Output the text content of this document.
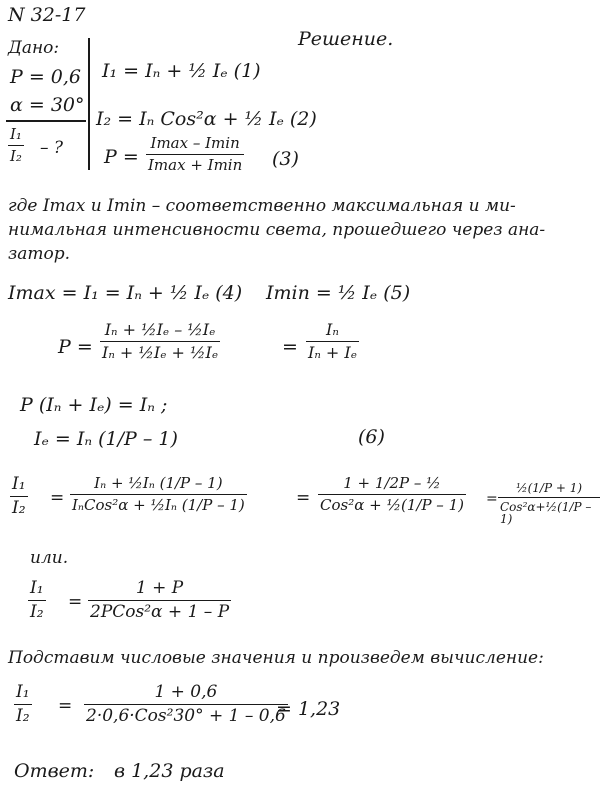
N 32-17
Решение.
Дано:
P = 0,6
α = 30°
I₁
I₂ – ?
I₁ = Iₙ + ½ Iₑ (1)
I₂ = Iₙ Cos²α + ½ Iₑ (2)
P =
Imax – Imin
Imax + Imin (3)
где Imax и Imin – соответственно максимальная и ми-
нимальная интенсивности света, прошедшего через ана-
затор.
Imax = I₁ = Iₙ + ½ Iₑ (4) Imin = ½ Iₑ (5)
P =
Iₙ + ½Iₑ – ½Iₑ
Iₙ + ½Iₑ + ½Iₑ	=
Iₙ
Iₙ + Iₑ
P (Iₙ + Iₑ) = Iₙ ;
Iₑ = Iₙ (1/P – 1)	(6)
I₁
I₂ =
Iₙ + ½Iₙ (1/P – 1)
IₙCos²α + ½Iₙ (1/P – 1)	=
1 + 1/2P – ½
Cos²α + ½(1/P – 1) =
½(1/P + 1)
Cos²α+½(1/P – 1)
или.
I₁
I₂ =
1 + P
2PCos²α + 1 – P
Подставим числовые значения и произведем вычисление:
I₁
I₂ =
1 + 0,6
2·0,6·Cos²30° + 1 – 0,6
= 1,23
Ответ: в 1,23 раза
